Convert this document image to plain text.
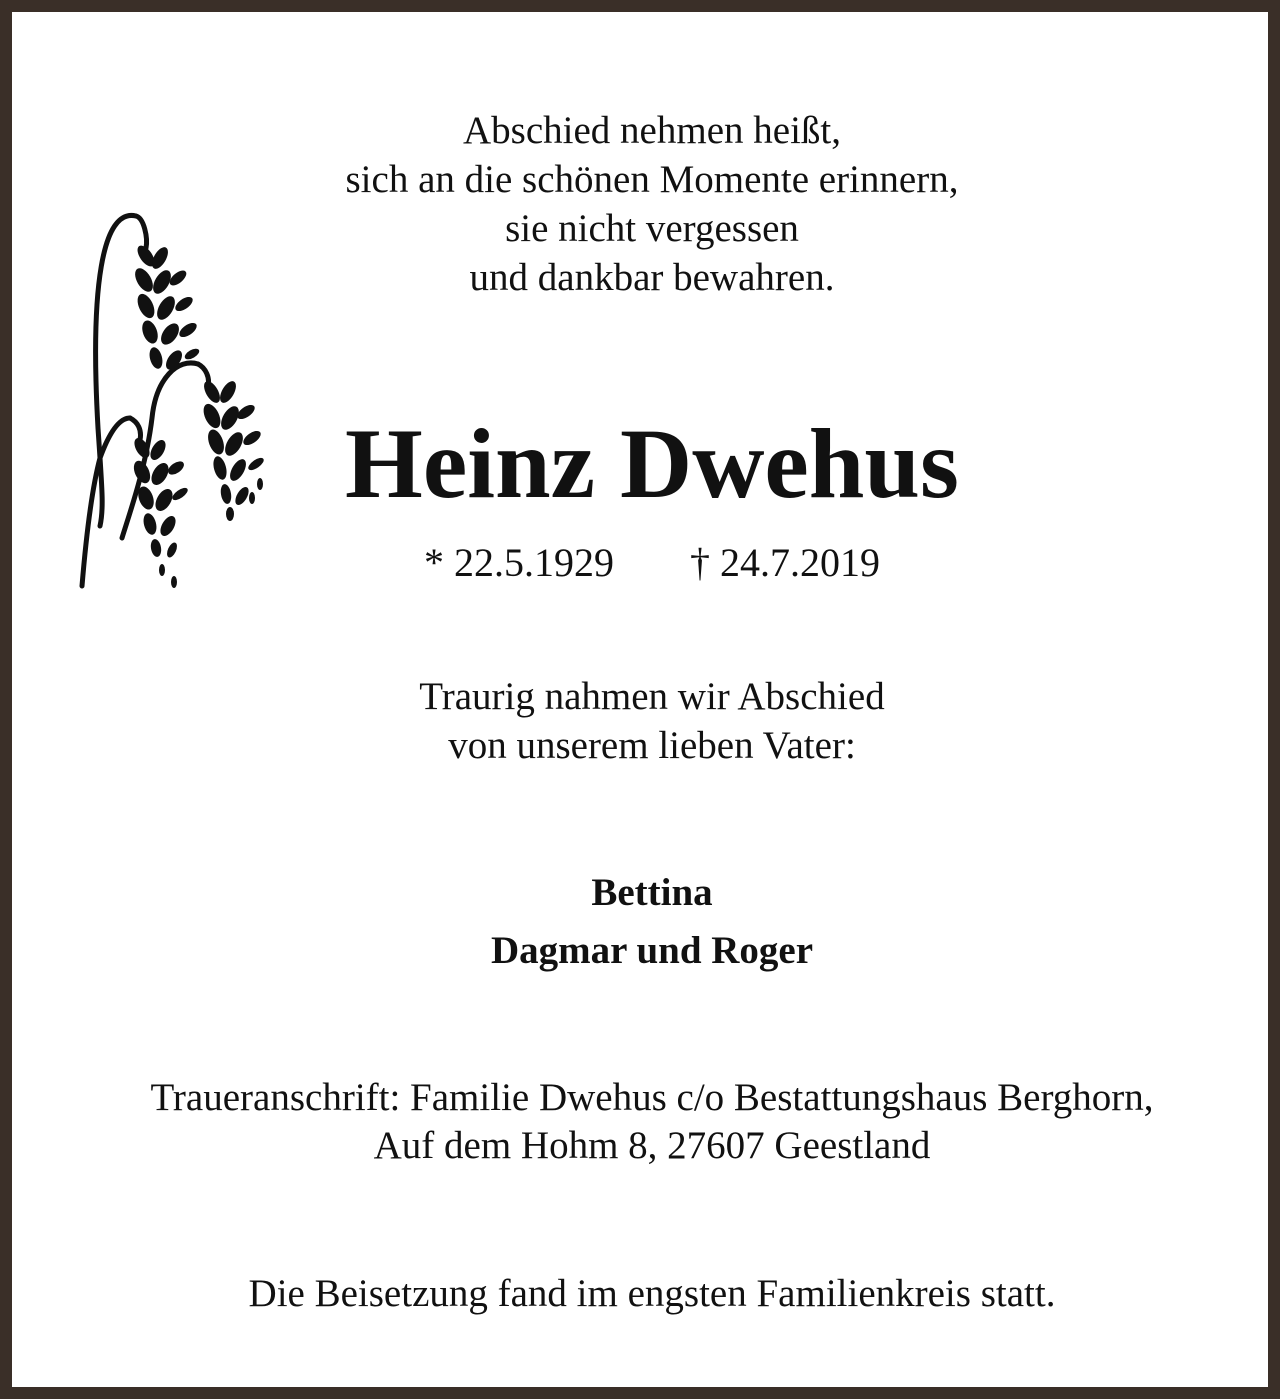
Abschied nehmen heißt,
sich an die schönen Momente erinnern,
sie nicht vergessen
und dankbar bewahren.
Heinz Dwehus
* 22.5.1929 † 24.7.2019
Traurig nahmen wir Abschied
von unserem lieben Vater:
Bettina
Dagmar und Roger
Traueranschrift: Familie Dwehus c/o Bestattungshaus Berghorn,
Auf dem Hohm 8, 27607 Geestland
Die Beisetzung fand im engsten Familienkreis statt.
